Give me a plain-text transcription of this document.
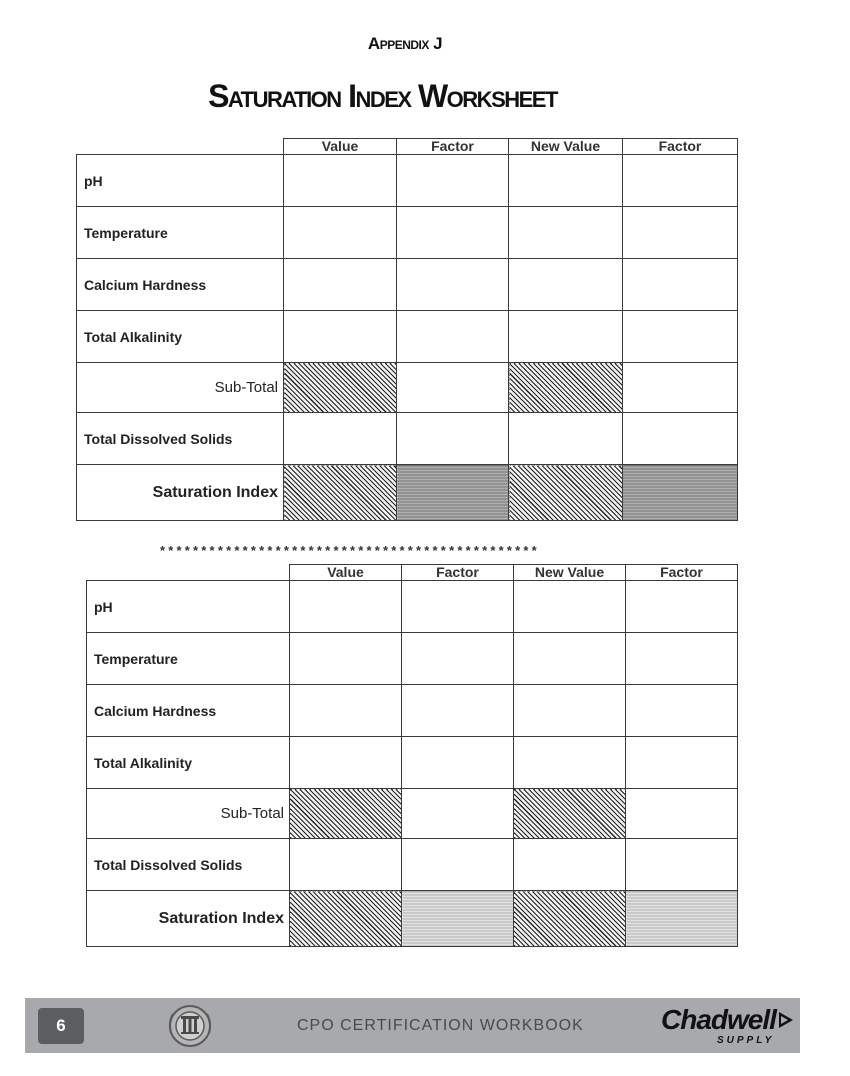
Appendix J
Saturation Index Worksheet
	Value	Factor	New Value	Factor
pH				
Temperature				
Calcium Hardness				
Total Alkalinity				
Sub-Total				
Total Dissolved Solids				
Saturation Index				
**********************************************
	Value	Factor	New Value	Factor
pH				
Temperature				
Calcium Hardness				
Total Alkalinity				
Sub-Total				
Total Dissolved Solids				
Saturation Index				
6	CPO CERTIFICATION WORKBOOK	Chadwell
SUPPLY
